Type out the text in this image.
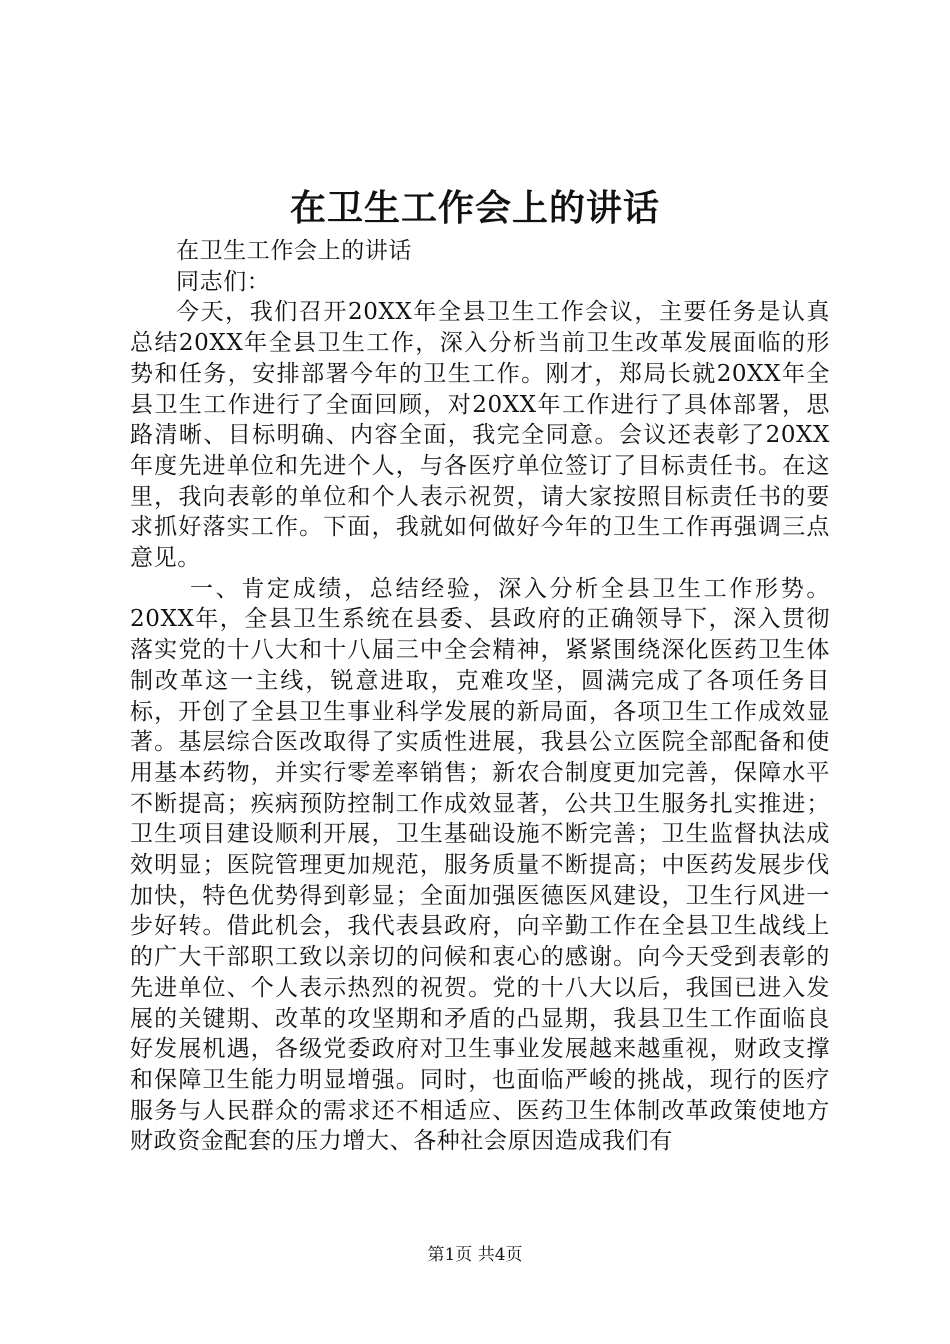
在卫生工作会上的讲话

在卫生工作会上的讲话

同志们：

今天，我们召开20XX年全县卫生工作会议，主要任务是认真总结20XX年全县卫生工作，深入分析当前卫生改革发展面临的形势和任务，安排部署今年的卫生工作。刚才，郑局长就20XX年全县卫生工作进行了全面回顾，对20XX年工作进行了具体部署，思路清晰、目标明确、内容全面，我完全同意。会议还表彰了20XX年度先进单位和先进个人，与各医疗单位签订了目标责任书。在这里，我向表彰的单位和个人表示祝贺，请大家按照目标责任书的要求抓好落实工作。下面，我就如何做好今年的卫生工作再强调三点意见。

一、肯定成绩，总结经验，深入分析全县卫生工作形势。20XX年，全县卫生系统在县委、县政府的正确领导下，深入贯彻落实党的十八大和十八届三中全会精神，紧紧围绕深化医药卫生体制改革这一主线，锐意进取，克难攻坚，圆满完成了各项任务目标，开创了全县卫生事业科学发展的新局面，各项卫生工作成效显著。基层综合医改取得了实质性进展，我县公立医院全部配备和使用基本药物，并实行零差率销售；新农合制度更加完善，保障水平不断提高；疾病预防控制工作成效显著，公共卫生服务扎实推进；卫生项目建设顺利开展，卫生基础设施不断完善；卫生监督执法成效明显；医院管理更加规范，服务质量不断提高；中医药发展步伐加快，特色优势得到彰显；全面加强医德医风建设，卫生行风进一步好转。借此机会，我代表县政府，向辛勤工作在全县卫生战线上的广大干部职工致以亲切的问候和衷心的感谢。向今天受到表彰的先进单位、个人表示热烈的祝贺。党的十八大以后，我国已进入发展的关键期、改革的攻坚期和矛盾的凸显期，我县卫生工作面临良好发展机遇，各级党委政府对卫生事业发展越来越重视，财政支撑和保障卫生能力明显增强。同时，也面临严峻的挑战，现行的医疗服务与人民群众的需求还不相适应、医药卫生体制改革政策使地方财政资金配套的压力增大、各种社会原因造成我们有

第1页 共4页
